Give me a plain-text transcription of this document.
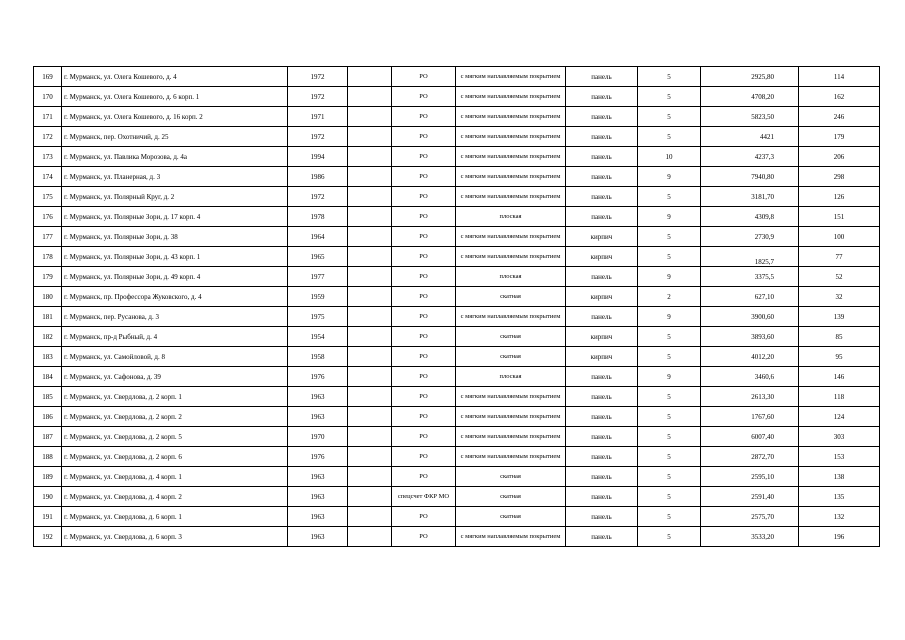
169	г. Мурманск, ул. Олега Кошевого, д. 4	1972		РО	с мягким наплавляемым покрытием	панель	5	2925,80	114
170	г. Мурманск, ул. Олега Кошевого, д. 6 корп. 1	1972		РО	с мягким наплавляемым покрытием	панель	5	4708,20	162
171	г. Мурманск, ул. Олега Кошевого, д. 16 корп. 2	1971		РО	с мягким наплавляемым покрытием	панель	5	5823,50	246
172	г. Мурманск, пер. Охотничий, д. 25	1972		РО	с мягким наплавляемым покрытием	панель	5	4421	179
173	г. Мурманск, ул. Павлика Морозова, д. 4а	1994		РО	с мягким наплавляемым покрытием	панель	10	4237,3	206
174	г. Мурманск, ул. Планерная, д. 3	1986		РО	с мягким наплавляемым покрытием	панель	9	7940,80	298
175	г. Мурманск, ул. Полярный Круг, д. 2	1972		РО	с мягким наплавляемым покрытием	панель	5	3181,70	126
176	г. Мурманск, ул. Полярные Зори, д. 17 корп. 4	1978		РО	плоская	панель	9	4309,8	151
177	г. Мурманск, ул. Полярные Зори, д. 38	1964		РО	с мягким наплавляемым покрытием	кирпич	5	2730,9	100
178	г. Мурманск, ул. Полярные Зори, д. 43 корп. 1	1965		РО	с мягким наплавляемым покрытием	кирпич	5	1825,7	77
179	г. Мурманск, ул. Полярные Зори, д. 49 корп. 4	1977		РО	плоская	панель	9	3375,5	52
180	г. Мурманск, пр. Профессора Жуковского, д. 4	1959		РО	скатная	кирпич	2	627,10	32
181	г. Мурманск, пер. Русанова, д. 3	1975		РО	с мягким наплавляемым покрытием	панель	9	3900,60	139
182	г. Мурманск, пр-д Рыбный, д. 4	1954		РО	скатная	кирпич	5	3893,60	85
183	г. Мурманск, ул. Самойловой, д. 8	1958		РО	скатная	кирпич	5	4012,20	95
184	г. Мурманск, ул. Сафонова, д. 39	1976		РО	плоская	панель	9	3460,6	146
185	г. Мурманск, ул. Свердлова, д. 2 корп. 1	1963		РО	с мягким наплавляемым покрытием	панель	5	2613,30	118
186	г. Мурманск, ул. Свердлова, д. 2 корп. 2	1963		РО	с мягким наплавляемым покрытием	панель	5	1767,60	124
187	г. Мурманск, ул. Свердлова, д. 2 корп. 5	1970		РО	с мягким наплавляемым покрытием	панель	5	6007,40	303
188	г. Мурманск, ул. Свердлова, д. 2 корп. 6	1976		РО	с мягким наплавляемым покрытием	панель	5	2872,70	153
189	г. Мурманск, ул. Свердлова, д. 4 корп. 1	1963		РО	скатная	панель	5	2595,10	138
190	г. Мурманск, ул. Свердлова, д. 4 корп. 2	1963		спецсчет ФКР МО	скатная	панель	5	2591,40	135
191	г. Мурманск, ул. Свердлова, д. 6 корп. 1	1963		РО	скатная	панель	5	2575,70	132
192	г. Мурманск, ул. Свердлова, д. 6 корп. 3	1963		РО	с мягким наплавляемым покрытием	панель	5	3533,20	196
